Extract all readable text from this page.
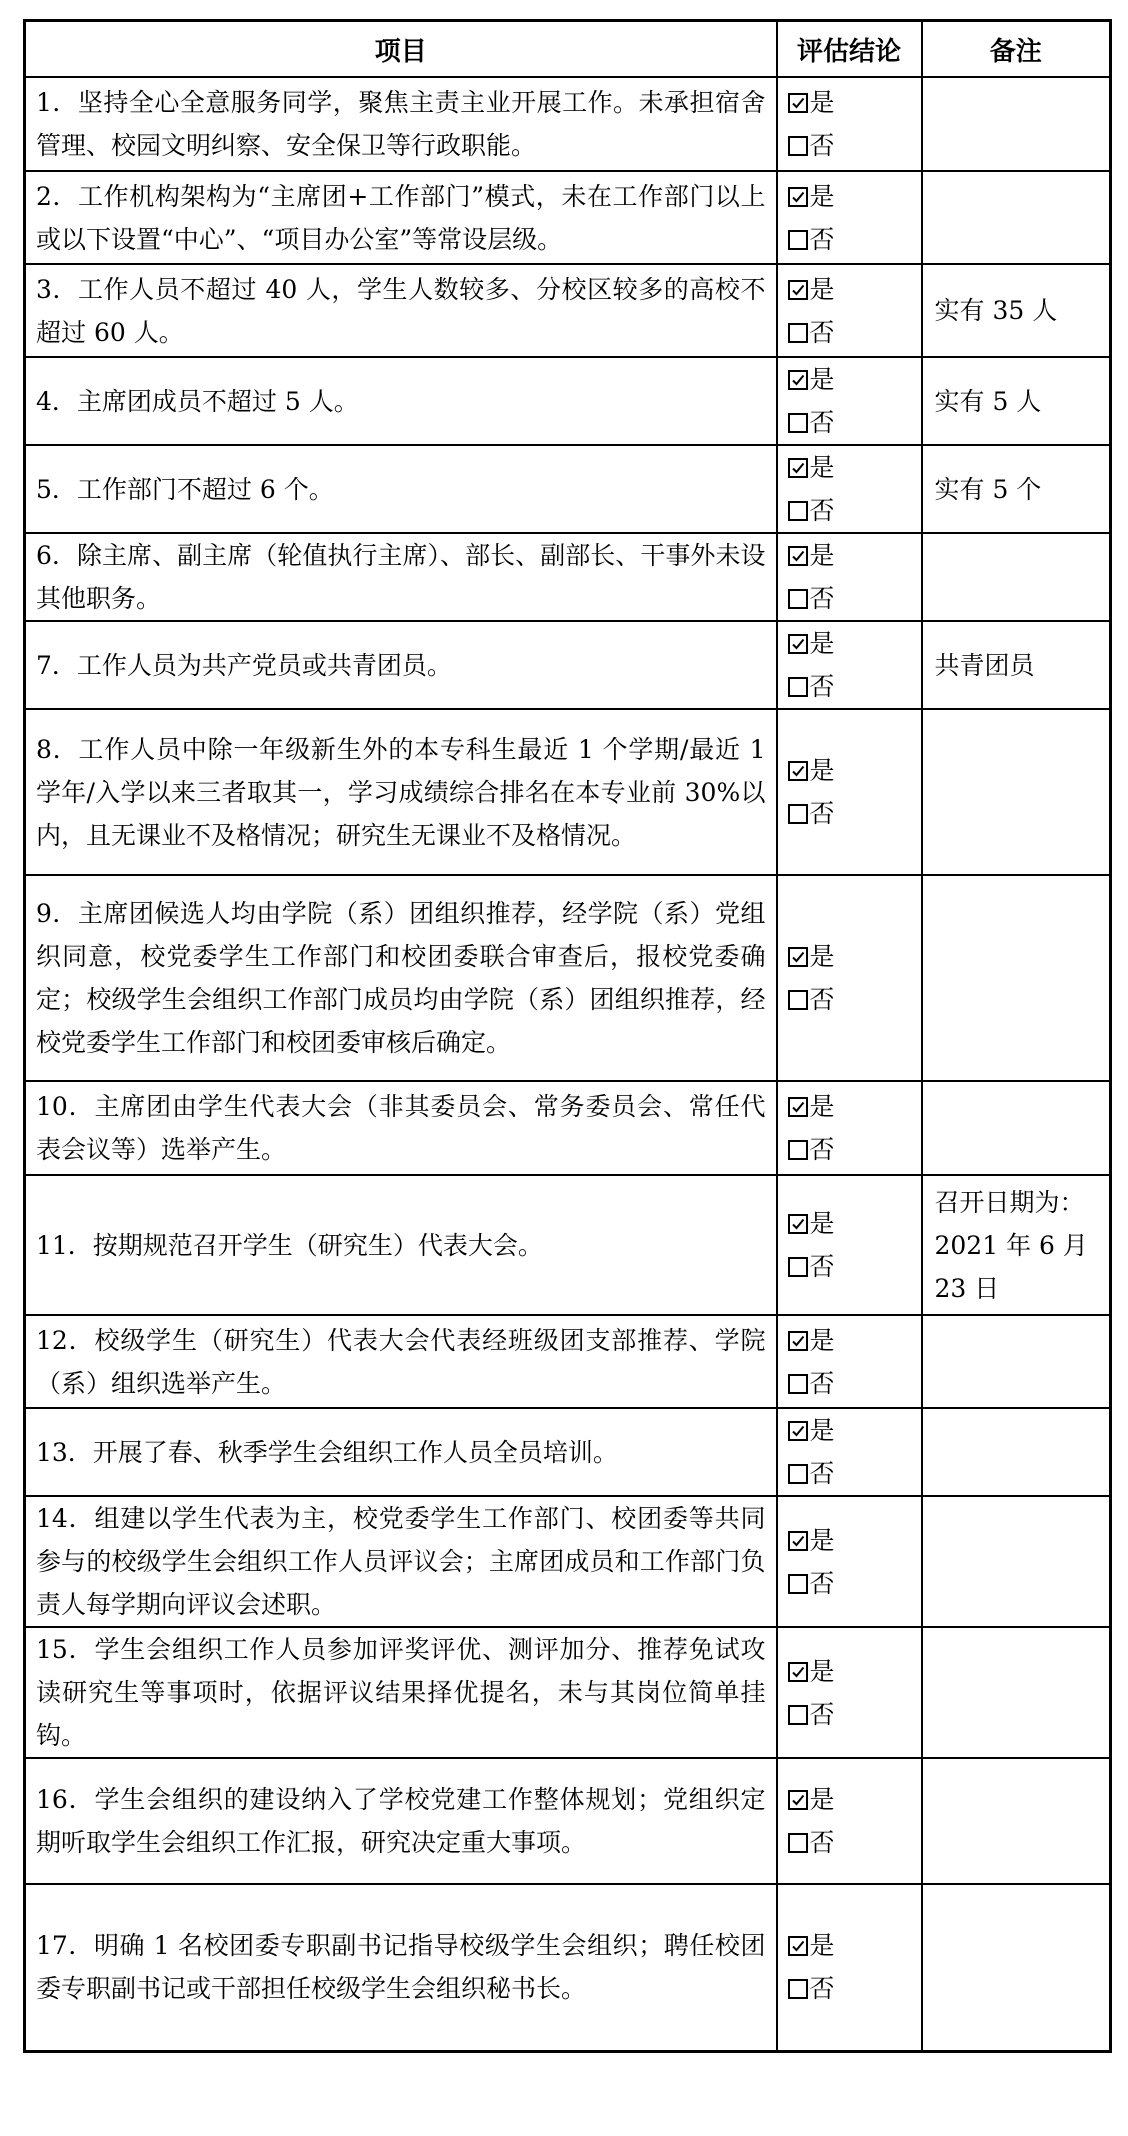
项目	评估结论	备注

1．坚持全心全意服务同学，聚焦主责主业开展工作。未承担宿舍管理、校园文明纠察、安全保卫等行政职能。	是
否	

2．工作机构架构为“主席团+工作部门”模式，未在工作部门以上或以下设置“中心”、“项目办公室”等常设层级。	是
否	

3．工作人员不超过 40 人，学生人数较多、分校区较多的高校不超过 60 人。	是
否	实有 35 人

4．主席团成员不超过 5 人。	是
否	实有 5 人

5．工作部门不超过 6 个。	是
否	实有 5 个

6．除主席、副主席（轮值执行主席）、部长、副部长、干事外未设其他职务。	是
否	

7．工作人员为共产党员或共青团员。	是
否	共青团员

8．工作人员中除一年级新生外的本专科生最近 1 个学期/最近 1 学年/入学以来三者取其一，学习成绩综合排名在本专业前 30%以内，且无课业不及格情况；研究生无课业不及格情况。	是
否	

9．主席团候选人均由学院（系）团组织推荐，经学院（系）党组织同意，校党委学生工作部门和校团委联合审查后，报校党委确定；校级学生会组织工作部门成员均由学院（系）团组织推荐，经校党委学生工作部门和校团委审核后确定。	是
否	

10．主席团由学生代表大会（非其委员会、常务委员会、常任代表会议等）选举产生。	是
否	

11．按期规范召开学生（研究生）代表大会。	是
否	召开日期为：2021 年 6 月 23 日

12．校级学生（研究生）代表大会代表经班级团支部推荐、学院（系）组织选举产生。	是
否	

13．开展了春、秋季学生会组织工作人员全员培训。	是
否	

14．组建以学生代表为主，校党委学生工作部门、校团委等共同参与的校级学生会组织工作人员评议会；主席团成员和工作部门负责人每学期向评议会述职。	是
否	

15．学生会组织工作人员参加评奖评优、测评加分、推荐免试攻读研究生等事项时，依据评议结果择优提名，未与其岗位简单挂钩。	是
否	

16．学生会组织的建设纳入了学校党建工作整体规划；党组织定期听取学生会组织工作汇报，研究决定重大事项。	是
否	

17．明确 1 名校团委专职副书记指导校级学生会组织；聘任校团委专职副书记或干部担任校级学生会组织秘书长。	是
否	
